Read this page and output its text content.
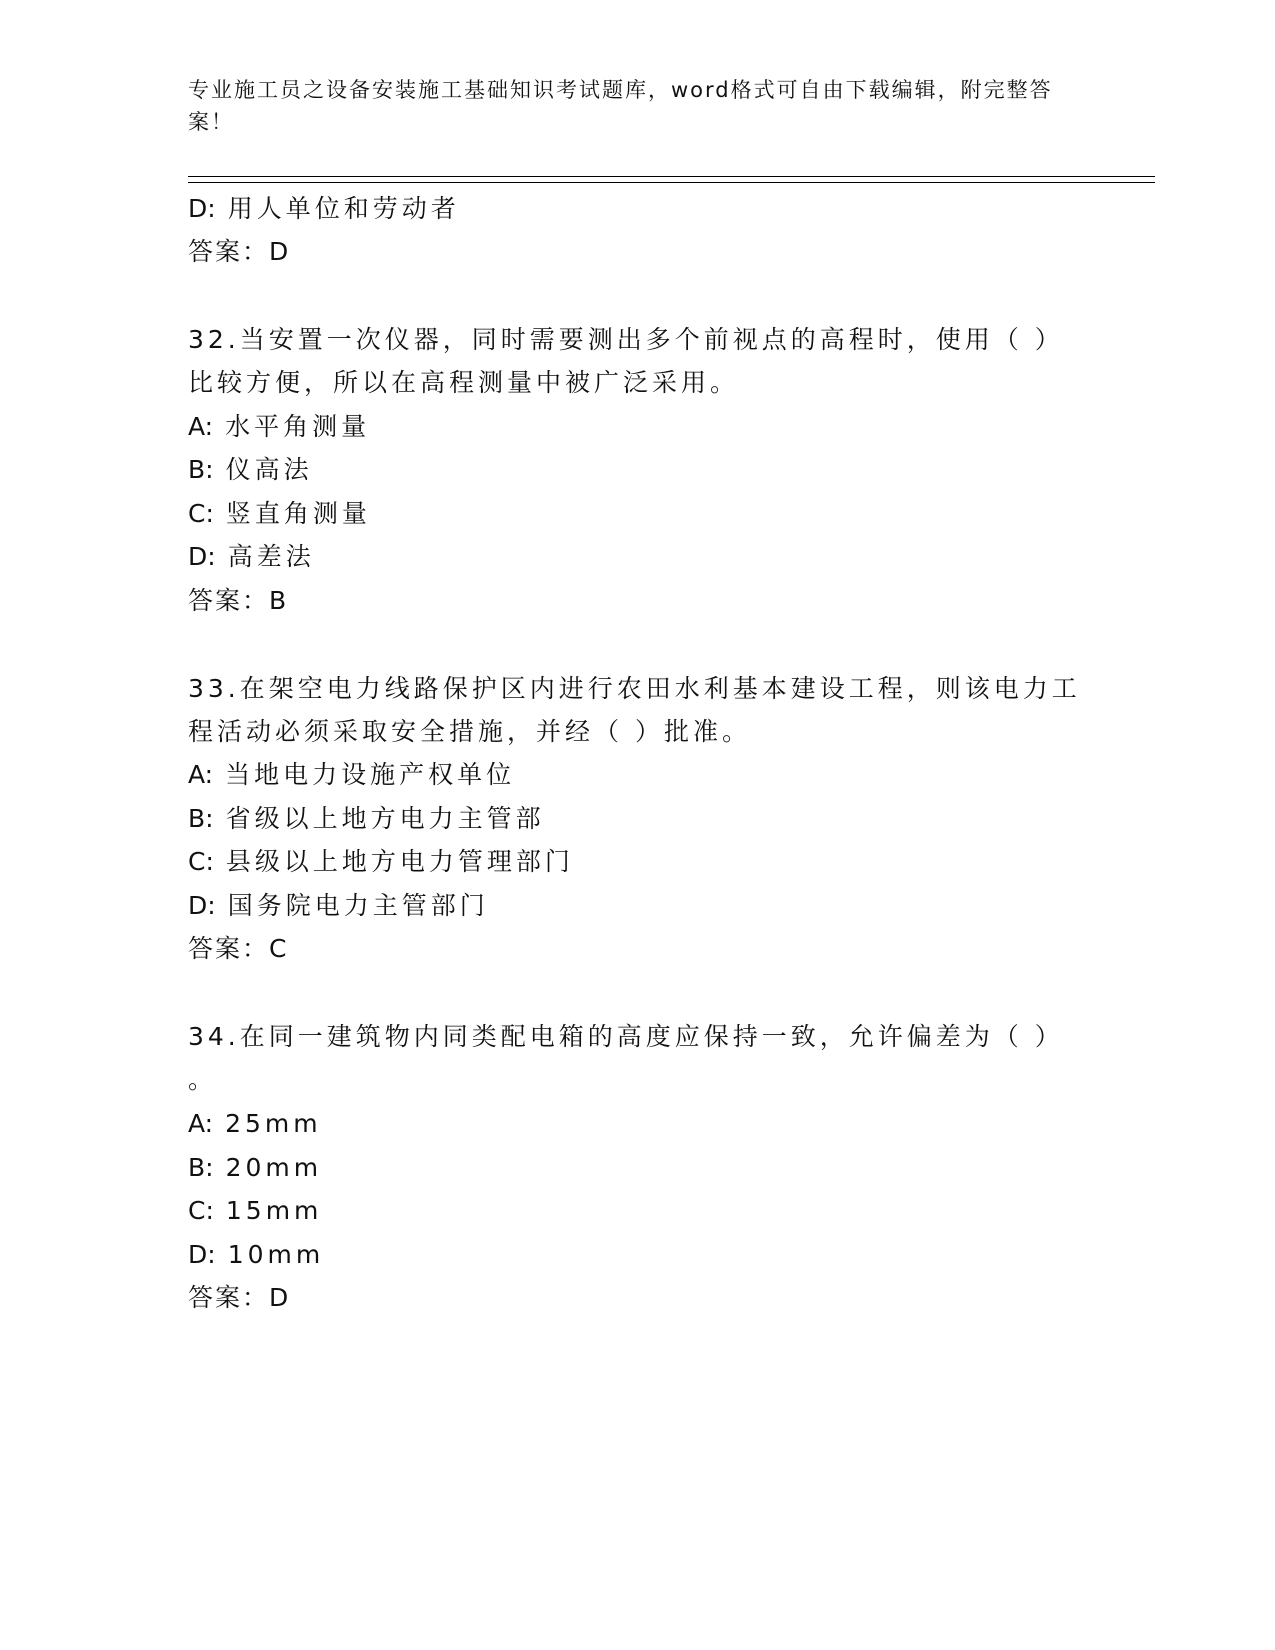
专业施工员之设备安装施工基础知识考试题库，word格式可自由下载编辑，附完整答案！
D: 用人单位和劳动者
答案：D
32.当安置一次仪器，同时需要测出多个前视点的高程时，使用（ ）
比较方便，所以在高程测量中被广泛采用。
A: 水平角测量
B: 仪高法
C: 竖直角测量
D: 高差法
答案：B
33.在架空电力线路保护区内进行农田水利基本建设工程，则该电力工
程活动必须采取安全措施，并经（ ）批准。
A: 当地电力设施产权单位
B: 省级以上地方电力主管部
C: 县级以上地方电力管理部门
D: 国务院电力主管部门
答案：C
34.在同一建筑物内同类配电箱的高度应保持一致，允许偏差为（ ）
。
A: 25mm
B: 20mm
C: 15mm
D: 10mm
答案：D
